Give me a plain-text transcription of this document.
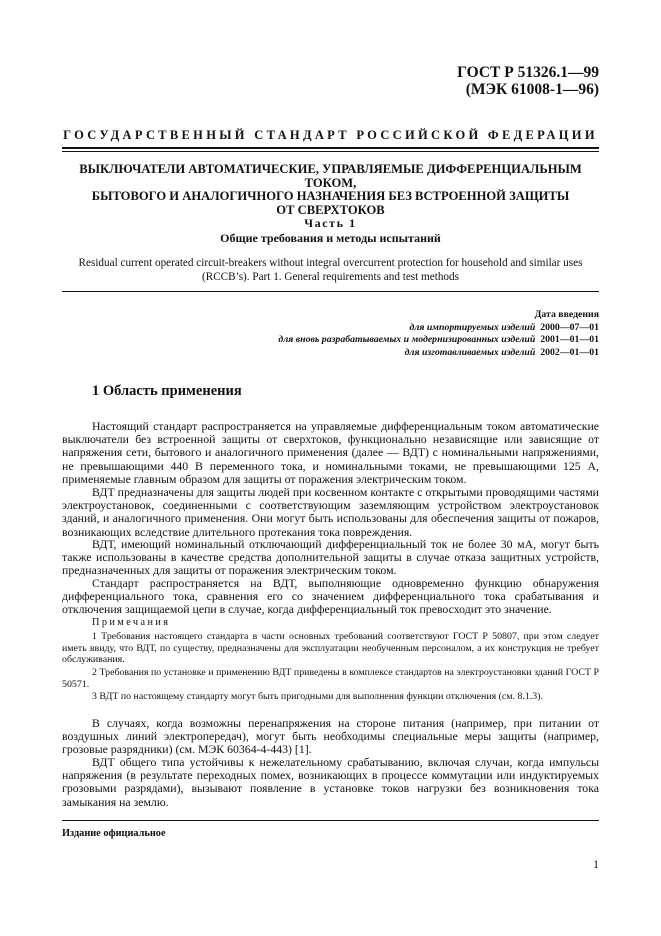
ГОСТ Р 51326.1—99
(МЭК 61008-1—96)
ГОСУДАРСТВЕННЫЙ СТАНДАРТ РОССИЙСКОЙ ФЕДЕРАЦИИ
ВЫКЛЮЧАТЕЛИ АВТОМАТИЧЕСКИЕ, УПРАВЛЯЕМЫЕ ДИФФЕРЕНЦИАЛЬНЫМ ТОКОМ,
БЫТОВОГО И АНАЛОГИЧНОГО НАЗНАЧЕНИЯ БЕЗ ВСТРОЕННОЙ ЗАЩИТЫ
ОТ СВЕРХТОКОВ
Часть 1
Общие требования и методы испытаний
Residual current operated circuit-breakers without integral overcurrent protection for household and similar uses
(RCCB’s). Part 1. General requirements and test methods
Дата введения
для импортируемых изделий 2000—07—01
для вновь разрабатываемых и модернизированных изделий 2001—01—01
для изготавливаемых изделий 2002—01—01
1 Область применения
Настоящий стандарт распространяется на управляемые дифференциальным током автоматические выключатели без встроенной защиты от сверхтоков, функционально независящие или зависящие от напряжения сети, бытового и аналогичного применения (далее — ВДТ) с номинальными напряжениями, не превышающими 440 В переменного тока, и номинальными токами, не превышающими 125 А, применяемые главным образом для защиты от поражения электрическим током.
ВДТ предназначены для защиты людей при косвенном контакте с открытыми проводящими частями электроустановок, соединенными с соответствующим заземляющим устройством электроустановок зданий, и аналогичного применения. Они могут быть использованы для обеспечения защиты от пожаров, возникающих вследствие длительного протекания тока повреждения.
ВДТ, имеющий номинальный отключающий дифференциальный ток не более 30 мА, могут быть также использованы в качестве средства дополнительной защиты в случае отказа защитных устройств, предназначенных для защиты от поражения электрическим током.
Стандарт распространяется на ВДТ, выполняющие одновременно функцию обнаружения дифференциального тока, сравнения его со значением дифференциального тока срабатывания и отключения защищаемой цепи в случае, когда дифференциальный ток превосходит это значение.
Примечания
1 Требования настоящего стандарта в части основных требований соответствуют ГОСТ Р 50807, при этом следует иметь ввиду, что ВДТ, по существу, предназначены для эксплуатации необученным персоналом, а их конструкция не требует обслуживания.
2 Требования по установке и применению ВДТ приведены в комплексе стандартов на электроустановки зданий ГОСТ Р 50571.
3 ВДТ по настоящему стандарту могут быть пригодными для выполнения функции отключения (см. 8.1.3).
В случаях, когда возможны перенапряжения на стороне питания (например, при питании от воздушных линий электропередач), могут быть необходимы специальные меры защиты (например, грозовые разрядники) (см. МЭК 60364-4-443) [1].
ВДТ общего типа устойчивы к нежелательному срабатыванию, включая случаи, когда импульсы напряжения (в результате переходных помех, возникающих в процессе коммутации или индуктируемых грозовыми разрядами), вызывают появление в установке токов нагрузки без возникновения тока замыкания на землю.
Издание официальное
1
